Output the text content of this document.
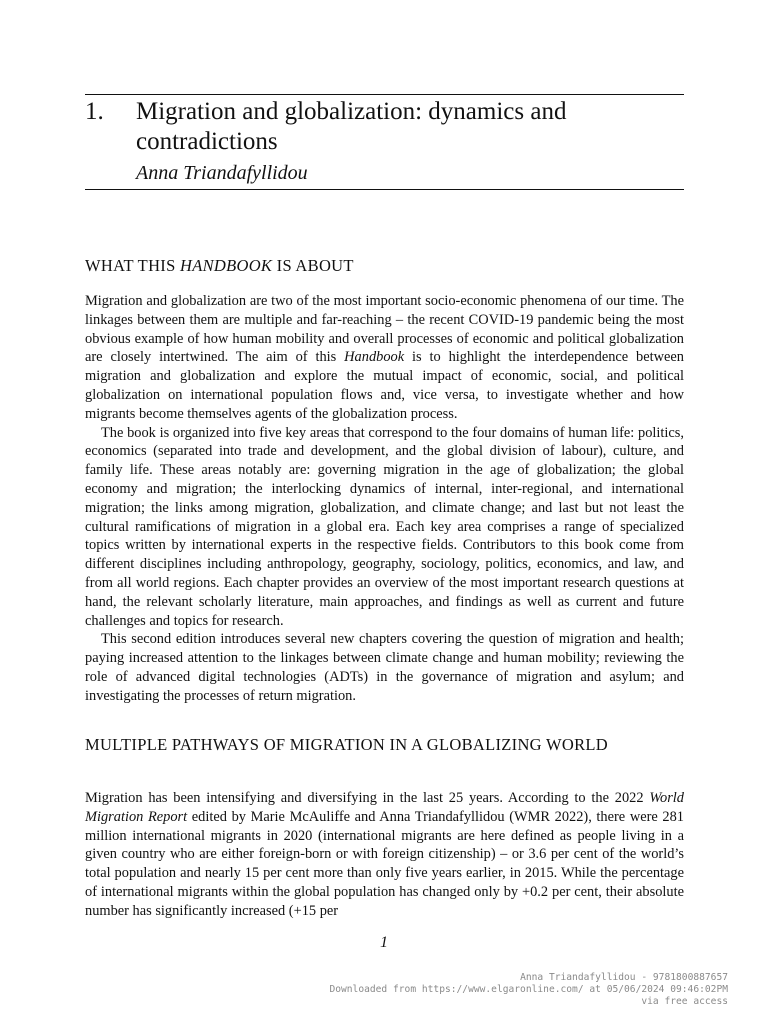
1. Migration and globalization: dynamics and contradictions
Anna Triandafyllidou
WHAT THIS HANDBOOK IS ABOUT

Migration and globalization are two of the most important socio-economic phenomena of our time. The linkages between them are multiple and far-reaching – the recent COVID-19 pandemic being the most obvious example of how human mobility and overall processes of economic and political globalization are closely intertwined. The aim of this Handbook is to highlight the interdependence between migration and globalization and explore the mutual impact of economic, social, and political globalization on international population flows and, vice versa, to investigate whether and how migrants become themselves agents of the globalization process.

The book is organized into five key areas that correspond to the four domains of human life: politics, economics (separated into trade and development, and the global division of labour), culture, and family life. These areas notably are: governing migration in the age of globalization; the global economy and migration; the interlocking dynamics of internal, inter-regional, and international migration; the links among migration, globalization, and climate change; and last but not least the cultural ramifications of migration in a global era. Each key area comprises a range of specialized topics written by international experts in the respective fields. Contributors to this book come from different disciplines including anthropology, geography, sociology, politics, economics, and law, and from all world regions. Each chapter provides an overview of the most important research questions at hand, the relevant scholarly literature, main approaches, and findings as well as current and future challenges and topics for research.

This second edition introduces several new chapters covering the question of migration and health; paying increased attention to the linkages between climate change and human mobility; reviewing the role of advanced digital technologies (ADTs) in the governance of migration and asylum; and investigating the processes of return migration.

MULTIPLE PATHWAYS OF MIGRATION IN A GLOBALIZING WORLD

Migration has been intensifying and diversifying in the last 25 years. According to the 2022 World Migration Report edited by Marie McAuliffe and Anna Triandafyllidou (WMR 2022), there were 281 million international migrants in 2020 (international migrants are here defined as people living in a given country who are either foreign-born or with foreign citizenship) – or 3.6 per cent of the world’s total population and nearly 15 per cent more than only five years earlier, in 2015. While the percentage of international migrants within the global population has changed only by +0.2 per cent, their absolute number has significantly increased (+15 per

1
Anna Triandafyllidou - 9781800887657
Downloaded from https://www.elgaronline.com/ at 05/06/2024 09:46:02PM
via free access
